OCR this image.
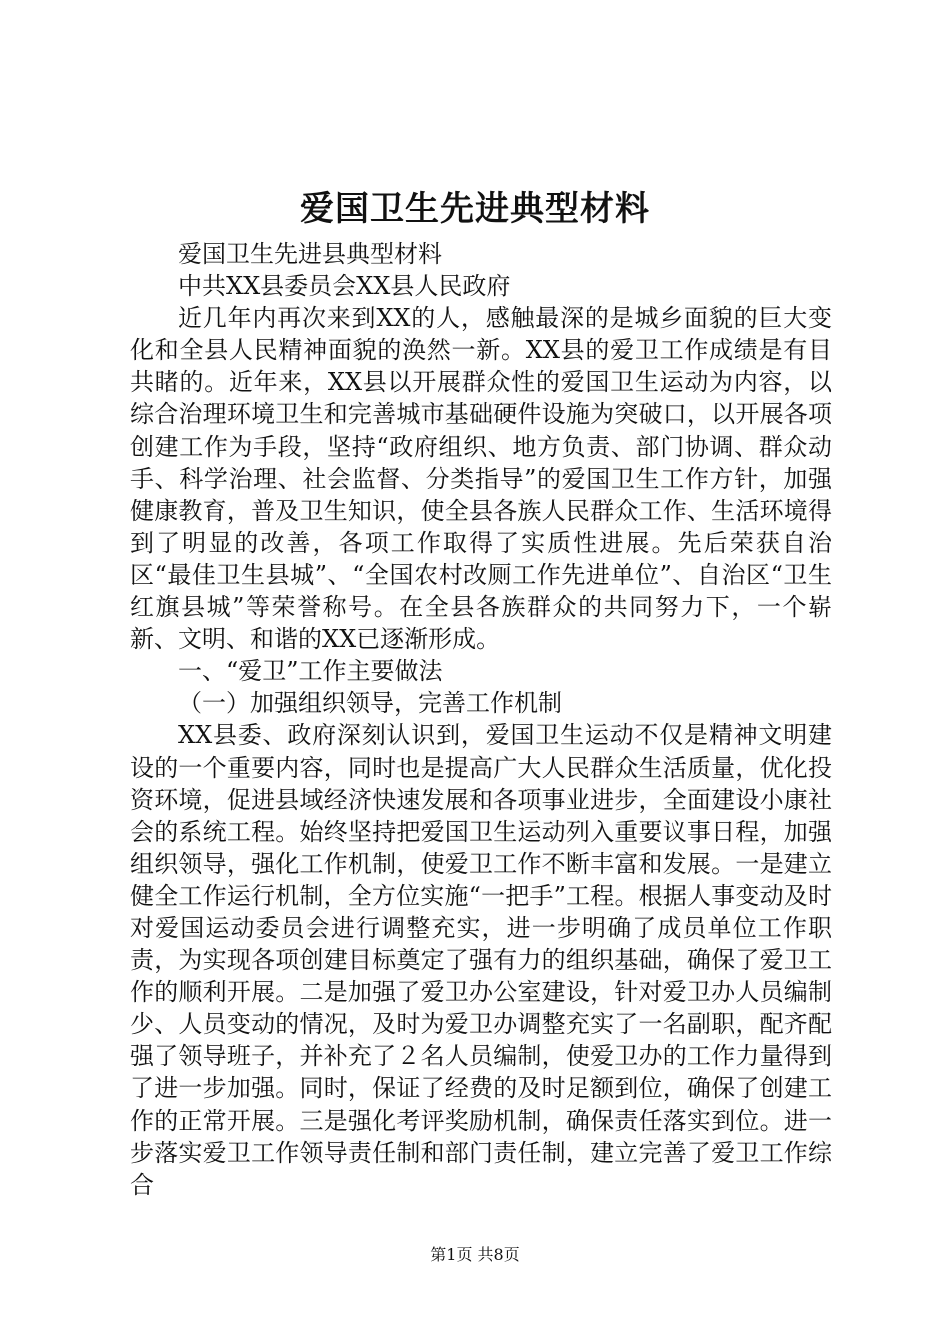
爱国卫生先进典型材料

爱国卫生先进县典型材料

中共XX县委员会XX县人民政府

近几年内再次来到XX的人，感触最深的是城乡面貌的巨大变化和全县人民精神面貌的涣然一新。XX县的爱卫工作成绩是有目共睹的。近年来，XX县以开展群众性的爱国卫生运动为内容，以综合治理环境卫生和完善城市基础硬件设施为突破口，以开展各项创建工作为手段，坚持“政府组织、地方负责、部门协调、群众动手、科学治理、社会监督、分类指导”的爱国卫生工作方针，加强健康教育，普及卫生知识，使全县各族人民群众工作、生活环境得到了明显的改善，各项工作取得了实质性进展。先后荣获自治区“最佳卫生县城”、“全国农村改厕工作先进单位”、自治区“卫生红旗县城”等荣誉称号。在全县各族群众的共同努力下，一个崭新、文明、和谐的XX已逐渐形成。

一、“爱卫”工作主要做法

（一）加强组织领导，完善工作机制

XX县委、政府深刻认识到，爱国卫生运动不仅是精神文明建设的一个重要内容，同时也是提高广大人民群众生活质量，优化投资环境，促进县域经济快速发展和各项事业进步，全面建设小康社会的系统工程。始终坚持把爱国卫生运动列入重要议事日程，加强组织领导，强化工作机制，使爱卫工作不断丰富和发展。一是建立健全工作运行机制，全方位实施“一把手”工程。根据人事变动及时对爱国运动委员会进行调整充实，进一步明确了成员单位工作职责，为实现各项创建目标奠定了强有力的组织基础，确保了爱卫工作的顺利开展。二是加强了爱卫办公室建设，针对爱卫办人员编制少、人员变动的情况，及时为爱卫办调整充实了一名副职，配齐配强了领导班子，并补充了２名人员编制，使爱卫办的工作力量得到了进一步加强。同时，保证了经费的及时足额到位，确保了创建工作的正常开展。三是强化考评奖励机制，确保责任落实到位。进一步落实爱卫工作领导责任制和部门责任制，建立完善了爱卫工作综合

第1页 共8页
